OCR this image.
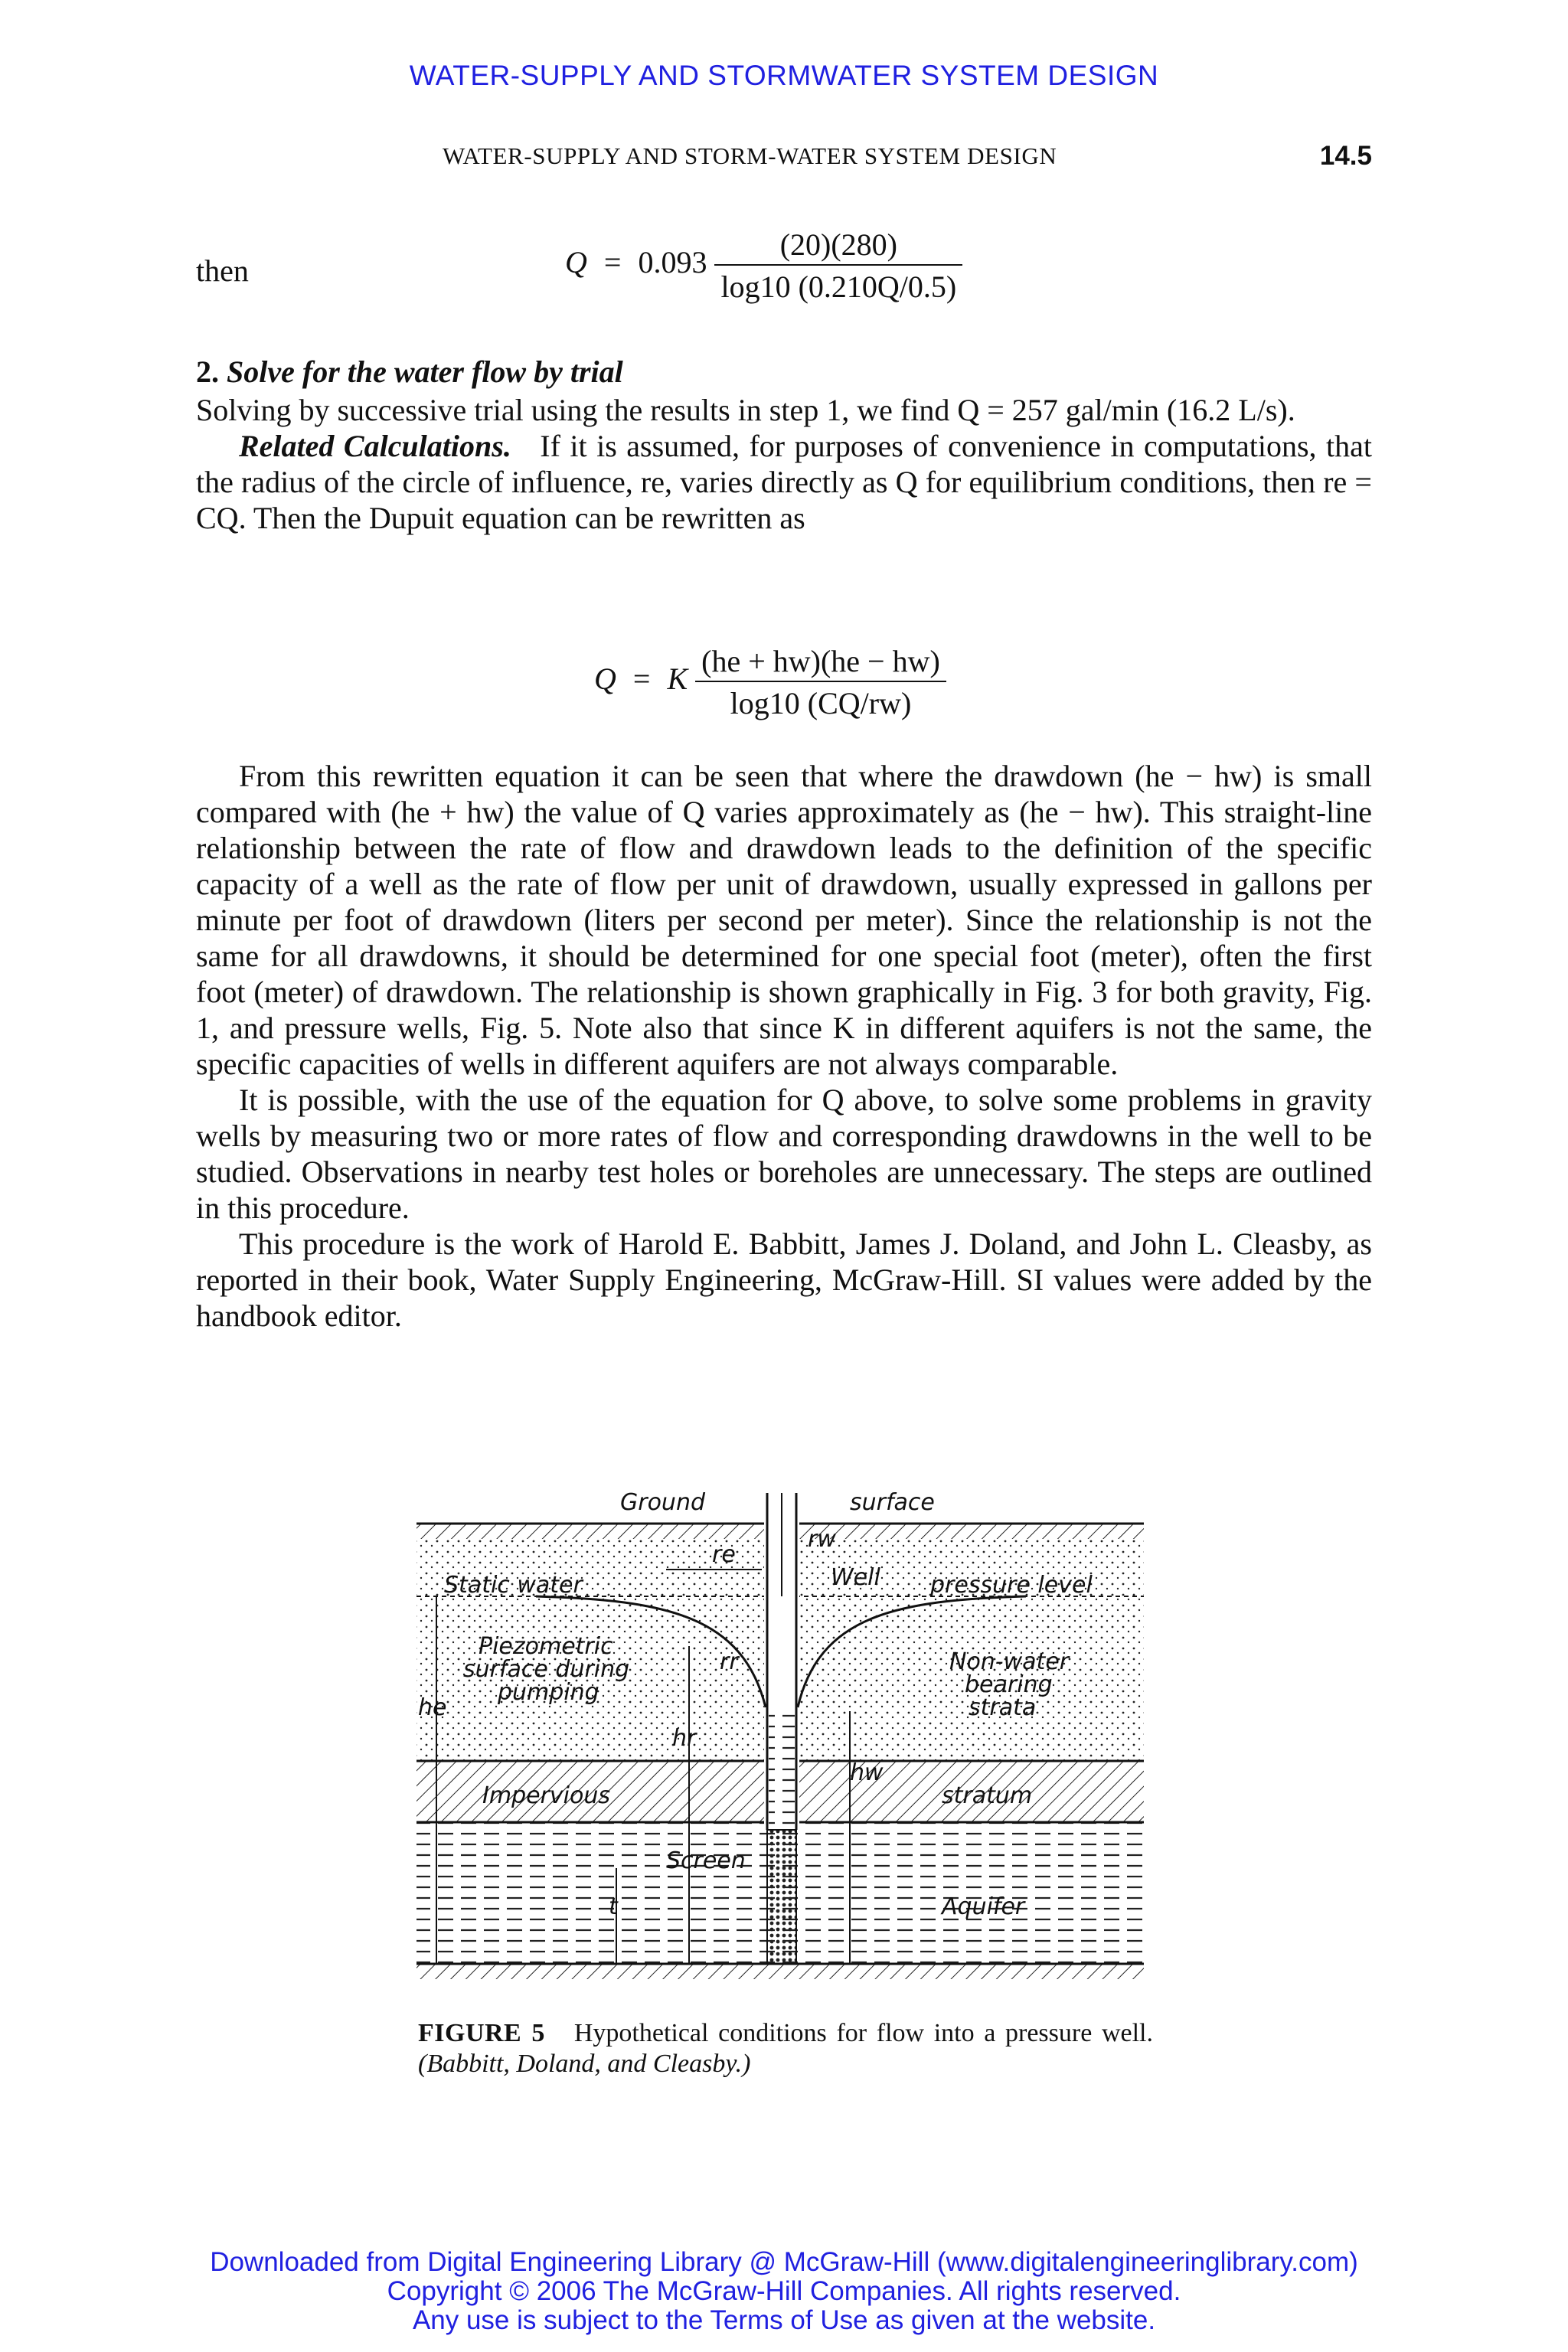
WATER-SUPPLY AND STORMWATER SYSTEM DESIGN
WATER-SUPPLY AND STORM-WATER SYSTEM DESIGN	14.5
then	$Q = 0.093 \frac{(20)(280)}{\log 10 (0.210Q/0.5)}$
2. Solve for the water flow by trial

Solving by successive trial using the results in step 1, we find Q = 257 gal/min (16.2 L/s).

Related Calculations. If it is assumed, for purposes of convenience in computations, that the radius of the circle of influence, re, varies directly as Q for equilibrium conditions, then re = CQ. Then the Dupuit equation can be rewritten as

Q = K $\frac{(he + hw)(he - hw)}{\log 10 (CQ/rw)}$

From this rewritten equation it can be seen that where the drawdown (he − hw) is small compared with (he + hw) the value of Q varies approximately as (he − hw). This straight-line relationship between the rate of flow and drawdown leads to the definition of the specific capacity of a well as the rate of flow per unit of drawdown, usually expressed in gallons per minute per foot of drawdown (liters per second per meter). Since the relationship is not the same for all drawdowns, it should be determined for one special foot (meter), often the first foot (meter) of drawdown. The relationship is shown graphically in Fig. 3 for both gravity, Fig. 1, and pressure wells, Fig. 5. Note also that since K in different aquifers is not the same, the specific capacities of wells in different aquifers are not always comparable.

It is possible, with the use of the equation for Q above, to solve some problems in gravity wells by measuring two or more rates of flow and corresponding drawdowns in the well to be studied. Observations in nearby test holes or boreholes are unnecessary. The steps are outlined in this procedure.

This procedure is the work of Harold E. Babbitt, James J. Doland, and John L. Cleasby, as reported in their book, Water Supply Engineering, McGraw-Hill. SI values were added by the handbook editor.

Ground	surface
Static water	pressure level
Well
re
rw
rr
Piezometric
surface during
pumping
Non-water
bearing
strata
he
hr
hw
Impervious	stratum
Screen
t	Aquifer
FIGURE 5 Hypothetical conditions for flow into a pressure well. (Babbitt, Doland, and Cleasby.)
Downloaded from Digital Engineering Library @ McGraw-Hill (www.digitalengineeringlibrary.com)
Copyright © 2006 The McGraw-Hill Companies. All rights reserved.
Any use is subject to the Terms of Use as given at the website.
